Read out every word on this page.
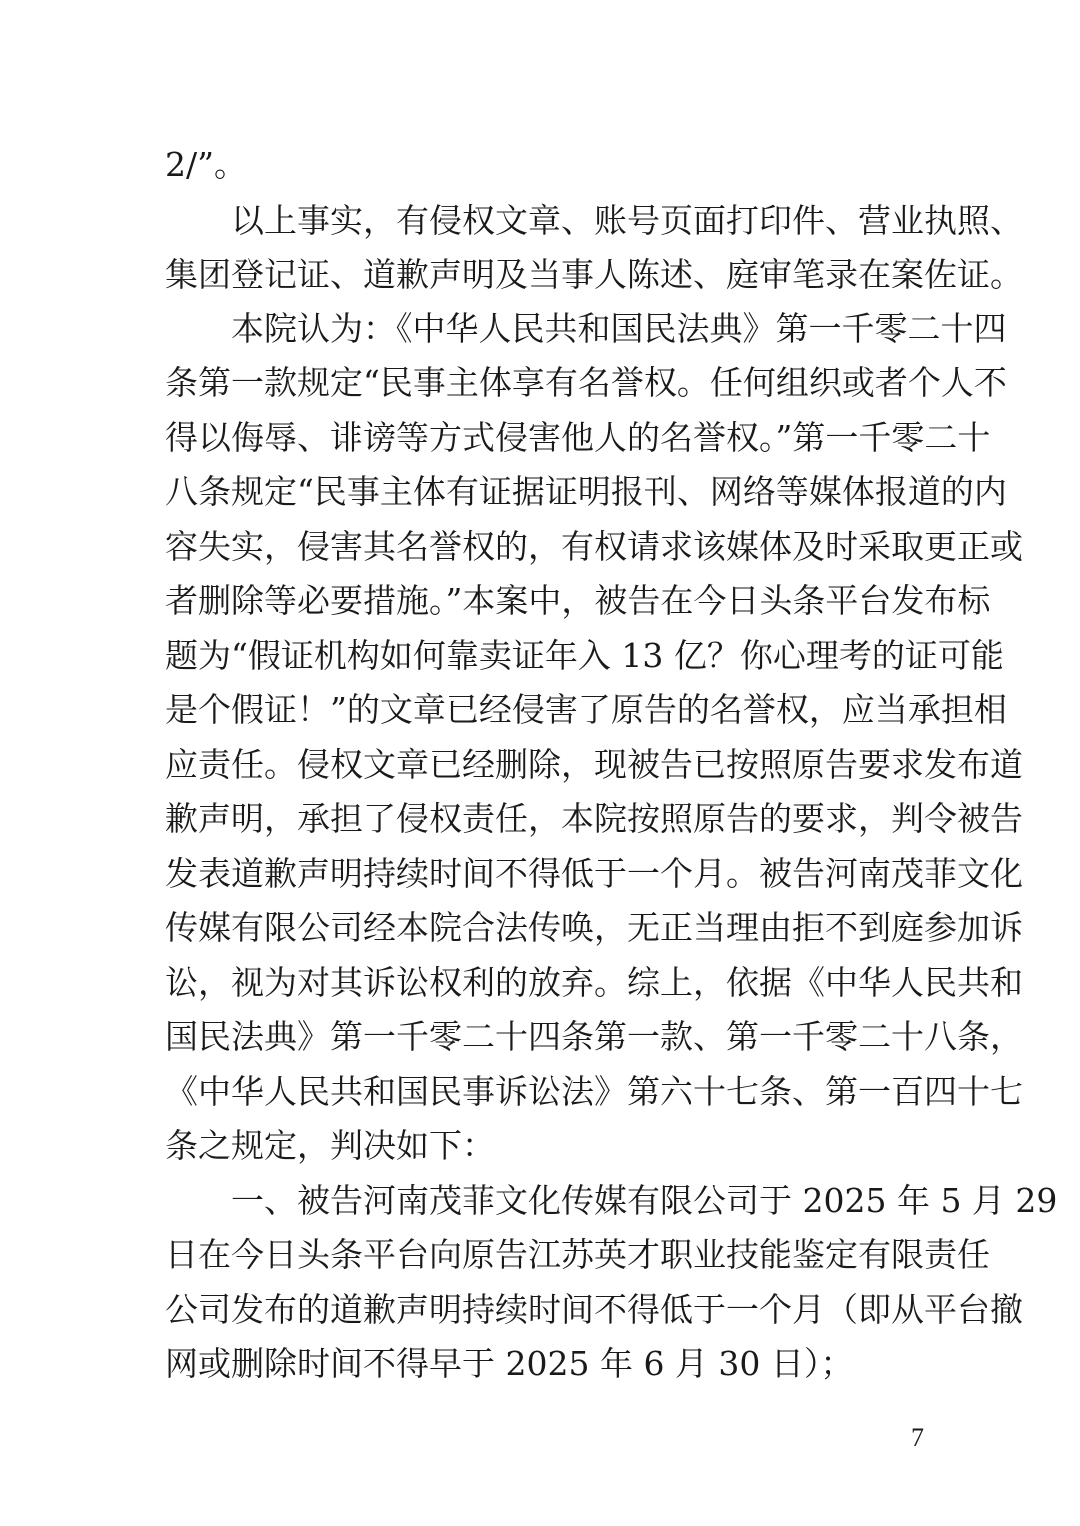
2/”。
　　以上事实，有侵权文章、账号页面打印件、营业执照、
集团登记证、道歉声明及当事人陈述、庭审笔录在案佐证。
　　本院认为：《中华人民共和国民法典》第一千零二十四
条第一款规定“民事主体享有名誉权。任何组织或者个人不
得以侮辱、诽谤等方式侵害他人的名誉权。”第一千零二十
八条规定“民事主体有证据证明报刊、网络等媒体报道的内
容失实，侵害其名誉权的，有权请求该媒体及时采取更正或
者删除等必要措施。”本案中，被告在今日头条平台发布标
题为“假证机构如何靠卖证年入 13 亿？你心理考的证可能
是个假证！”的文章已经侵害了原告的名誉权，应当承担相
应责任。侵权文章已经删除，现被告已按照原告要求发布道
歉声明，承担了侵权责任，本院按照原告的要求，判令被告
发表道歉声明持续时间不得低于一个月。被告河南茂菲文化
传媒有限公司经本院合法传唤，无正当理由拒不到庭参加诉
讼，视为对其诉讼权利的放弃。综上，依据《中华人民共和
国民法典》第一千零二十四条第一款、第一千零二十八条，
《中华人民共和国民事诉讼法》第六十七条、第一百四十七
条之规定，判决如下：
　　一、被告河南茂菲文化传媒有限公司于 2025 年 5 月 29
日在今日头条平台向原告江苏英才职业技能鉴定有限责任
公司发布的道歉声明持续时间不得低于一个月（即从平台撤
网或删除时间不得早于 2025 年 6 月 30 日）；
7
